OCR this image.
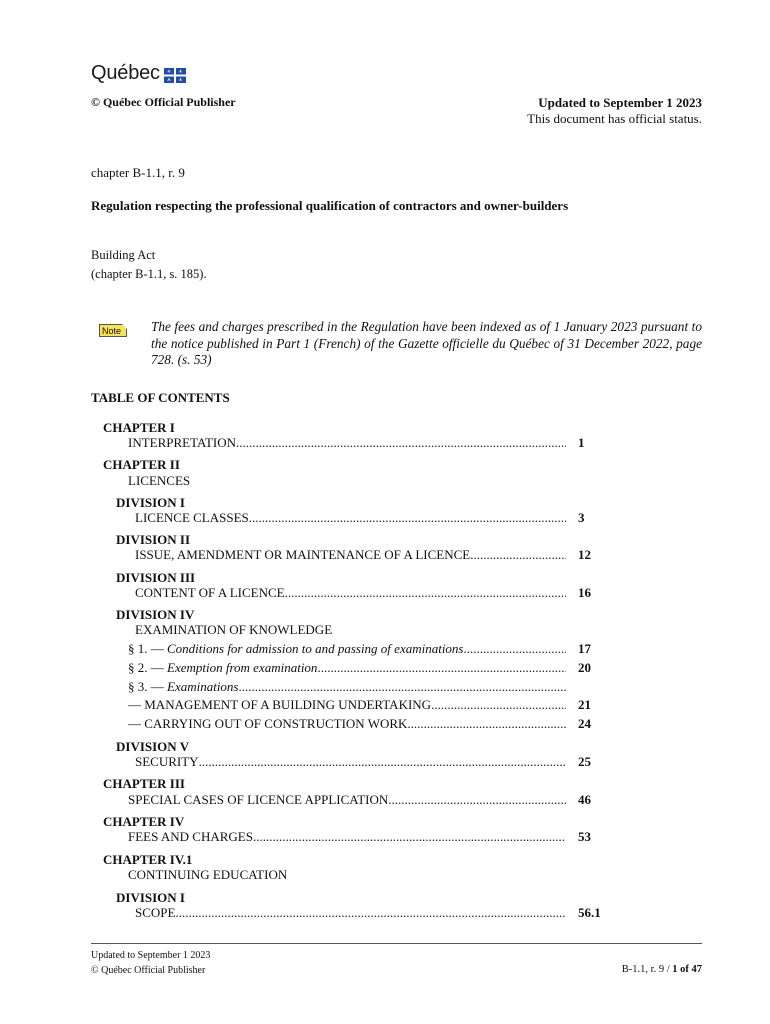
Québec
© Québec Official Publisher	Updated to September 1 2023
This document has official status.
chapter B-1.1, r. 9
Regulation respecting the professional qualification of contractors and owner-builders
Building Act
(chapter B-1.1, s. 185).
Note	The fees and charges prescribed in the Regulation have been indexed as of 1 January 2023 pursuant to the notice published in Part 1 (French) of the Gazette officielle du Québec of 31 December 2022, page 728. (s. 53)
TABLE OF CONTENTS
CHAPTER I
INTERPRETATION .....	1
CHAPTER II
LICENCES
DIVISION I
LICENCE CLASSES .....	3
DIVISION II
ISSUE, AMENDMENT OR MAINTENANCE OF A LICENCE .....	12
DIVISION III
CONTENT OF A LICENCE .....	16
DIVISION IV
EXAMINATION OF KNOWLEDGE
§ 1. — Conditions for admission to and passing of examinations .....	17
§ 2. — Exemption from examination .....	20
§ 3. — Examinations
.....
— MANAGEMENT OF A BUILDING UNDERTAKING .....	21
— CARRYING OUT OF CONSTRUCTION WORK .....	24
DIVISION V
SECURITY .....	25
CHAPTER III
SPECIAL CASES OF LICENCE APPLICATION .....	46
CHAPTER IV
FEES AND CHARGES .....	53
CHAPTER IV.1
CONTINUING EDUCATION
DIVISION I
SCOPE .....	56.1
Updated to September 1 2023
© Québec Official Publisher	B-1.1, r. 9 / 1 of 47
